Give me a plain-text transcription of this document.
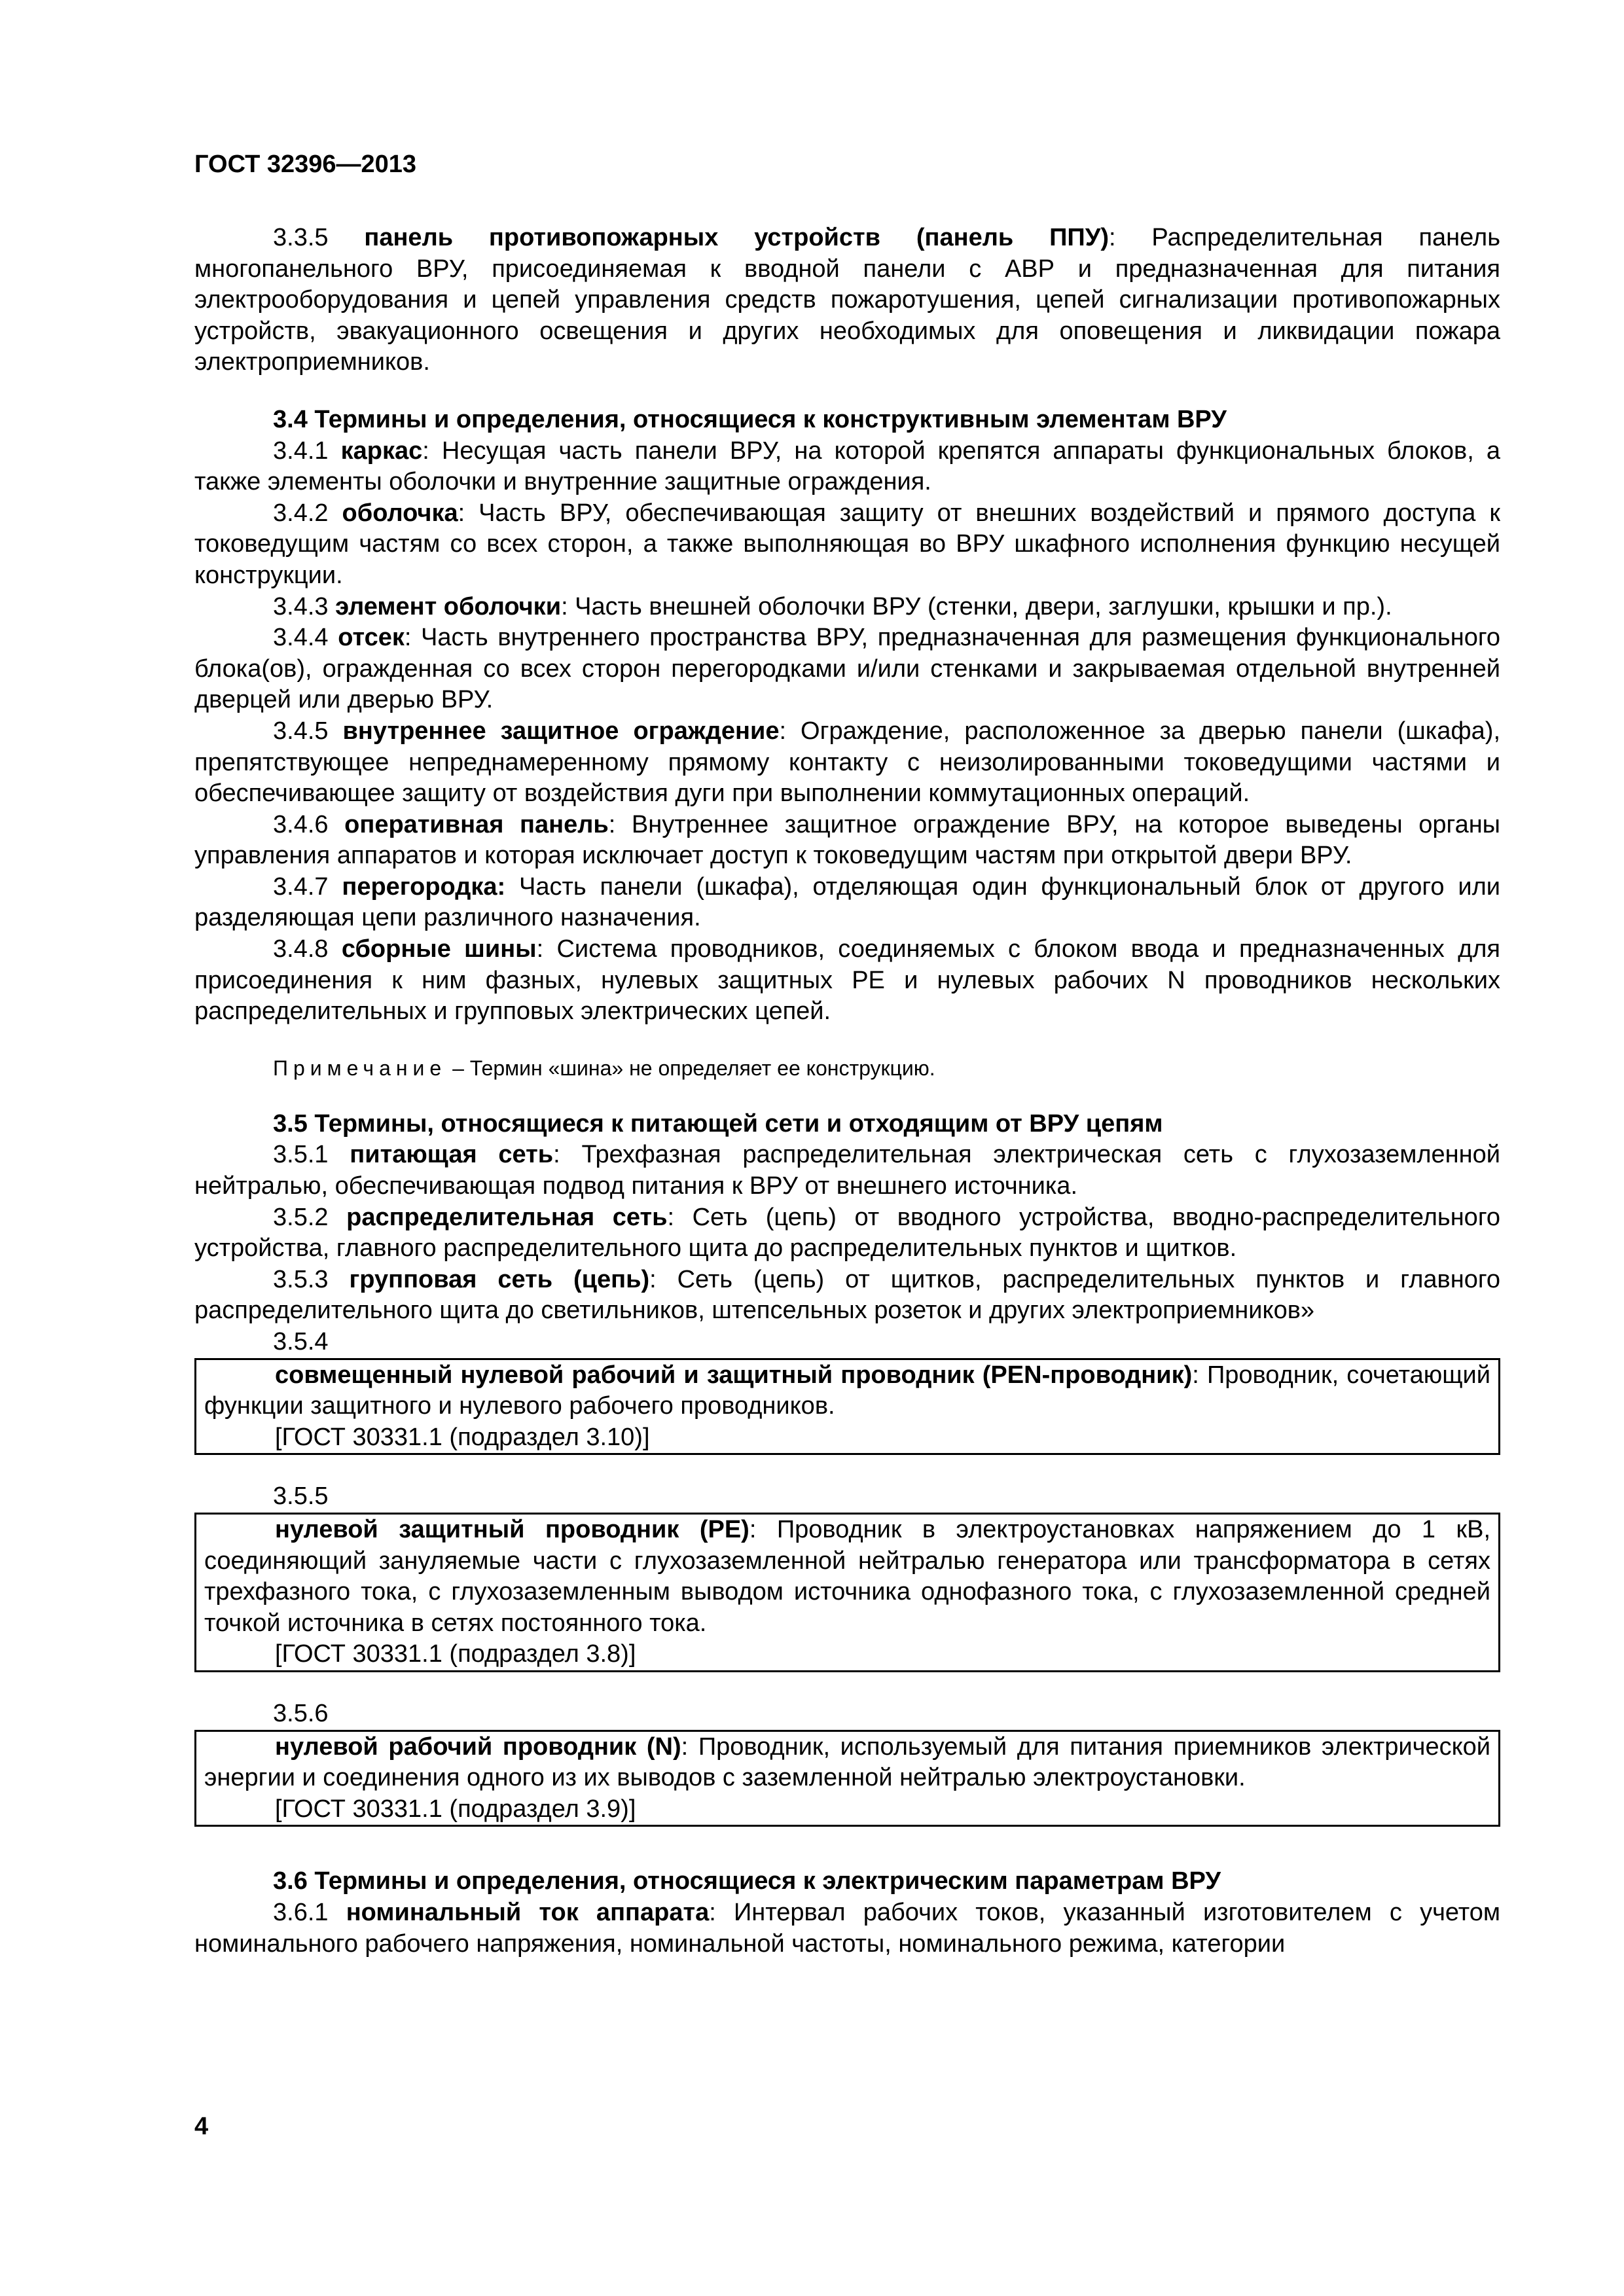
ГОСТ 32396—2013

3.3.5 панель противопожарных устройств (панель ППУ): Распределительная панель многопанельного ВРУ, присоединяемая к вводной панели с АВР и предназначенная для питания электрооборудования и цепей управления средств пожаротушения, цепей сигнализации противопожарных устройств, эвакуационного освещения и других необходимых для оповещения и ликвидации пожара электроприемников.

3.4 Термины и определения, относящиеся к конструктивным элементам ВРУ

3.4.1 каркас: Несущая часть панели ВРУ, на которой крепятся аппараты функциональных блоков, а также элементы оболочки и внутренние защитные ограждения.

3.4.2 оболочка: Часть ВРУ, обеспечивающая защиту от внешних воздействий и прямого доступа к токоведущим частям со всех сторон, а также выполняющая во ВРУ шкафного исполнения функцию несущей конструкции.

3.4.3 элемент оболочки: Часть внешней оболочки ВРУ (стенки, двери, заглушки, крышки и пр.).

3.4.4 отсек: Часть внутреннего пространства ВРУ, предназначенная для размещения функционального блока(ов), огражденная со всех сторон перегородками и/или стенками и закрываемая отдельной внутренней дверцей или дверью ВРУ.

3.4.5 внутреннее защитное ограждение: Ограждение, расположенное за дверью панели (шкафа), препятствующее непреднамеренному прямому контакту с неизолированными токоведущими частями и обеспечивающее защиту от воздействия дуги при выполнении коммутационных операций.

3.4.6 оперативная панель: Внутреннее защитное ограждение ВРУ, на которое выведены органы управления аппаратов и которая исключает доступ к токоведущим частям при открытой двери ВРУ.

3.4.7 перегородка: Часть панели (шкафа), отделяющая один функциональный блок от другого или разделяющая цепи различного назначения.

3.4.8 сборные шины: Система проводников, соединяемых с блоком ввода и предназначенных для присоединения к ним фазных, нулевых защитных PE и нулевых рабочих N проводников нескольких распределительных и групповых электрических цепей.

Примечание – Термин «шина» не определяет ее конструкцию.

3.5 Термины, относящиеся к питающей сети и отходящим от ВРУ цепям

3.5.1 питающая сеть: Трехфазная распределительная электрическая сеть с глухозаземленной нейтралью, обеспечивающая подвод питания к ВРУ от внешнего источника.

3.5.2 распределительная сеть: Сеть (цепь) от вводного устройства, вводно-распределительного устройства, главного распределительного щита до распределительных пунктов и щитков.

3.5.3 групповая сеть (цепь): Сеть (цепь) от щитков, распределительных пунктов и главного распределительного щита до светильников, штепсельных розеток и других электроприемников»

3.5.4

совмещенный нулевой рабочий и защитный проводник (PEN-проводник): Проводник, сочетающий функции защитного и нулевого рабочего проводников.

[ГОСТ 30331.1 (подраздел 3.10)]

3.5.5

нулевой защитный проводник (PE): Проводник в электроустановках напряжением до 1 кВ, соединяющий зануляемые части с глухозаземленной нейтралью генератора или трансформатора в сетях трехфазного тока, с глухозаземленным выводом источника однофазного тока, с глухозаземленной средней точкой источника в сетях постоянного тока.

[ГОСТ 30331.1 (подраздел 3.8)]

3.5.6

нулевой рабочий проводник (N): Проводник, используемый для питания приемников электрической энергии и соединения одного из их выводов с заземленной нейтралью электроустановки.

[ГОСТ 30331.1 (подраздел 3.9)]

3.6 Термины и определения, относящиеся к электрическим параметрам ВРУ

3.6.1 номинальный ток аппарата: Интервал рабочих токов, указанный изготовителем с учетом номинального рабочего напряжения, номинальной частоты, номинального режима, категории

4
